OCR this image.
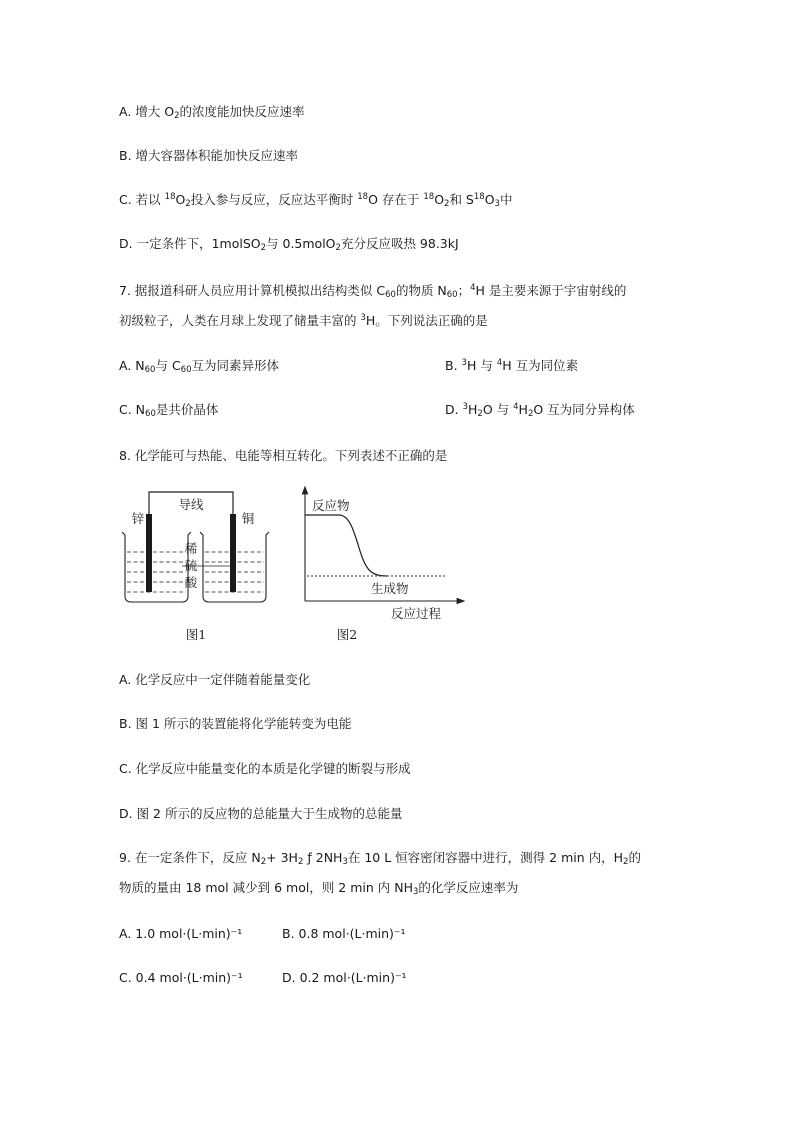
A. 增大 $O_2$的浓度能加快反应速率
B. 增大容器体积能加快反应速率
C. 若以 $^{18}O_2$投入参与反应，反应达平衡时 $^{18}$O 存在于 $^{18}O_2$和 $S^{18}O_3$中
D. 一定条件下，1molSO$_2$与 0.5molO$_2$充分反应吸热 98.3kJ
7. 据报道科研人员应用计算机模拟出结构类似 $C_{60}$的物质 $N_{60}$；$^4$H 是主要来源于宇宙射线的
初级粒子，人类在月球上发现了储量丰富的 $^3$H。下列说法正确的是
A. $N_{60}$与 $C_{60}$互为同素异形体	B. $^3$H 与 $^4$H 互为同位素
C. $N_{60}$是共价晶体	D. $^3H_2O$ 与 $^4H_2O$ 互为同分异构体
8. 化学能可与热能、电能等相互转化。下列表述不正确的是
导线
锌	铜
稀
硫
酸
图1
反应物
生成物
反应过程
图2
A. 化学反应中一定伴随着能量变化
B. 图 1 所示的装置能将化学能转变为电能
C. 化学反应中能量变化的本质是化学键的断裂与形成
D. 图 2 所示的反应物的总能量大于生成物的总能量
9. 在一定条件下，反应 $N_2+ 3H_2$ ƒ $2NH_3$在 10 L 恒容密闭容器中进行，测得 2 min 内，$H_2$的
物质的量由 18 mol 减少到 6 mol，则 2 min 内 $NH_3$的化学反应速率为
A. 1.0 mol·(L·min)⁻¹	B. 0.8 mol·(L·min)⁻¹
C. 0.4 mol·(L·min)⁻¹	D. 0.2 mol·(L·min)⁻¹
